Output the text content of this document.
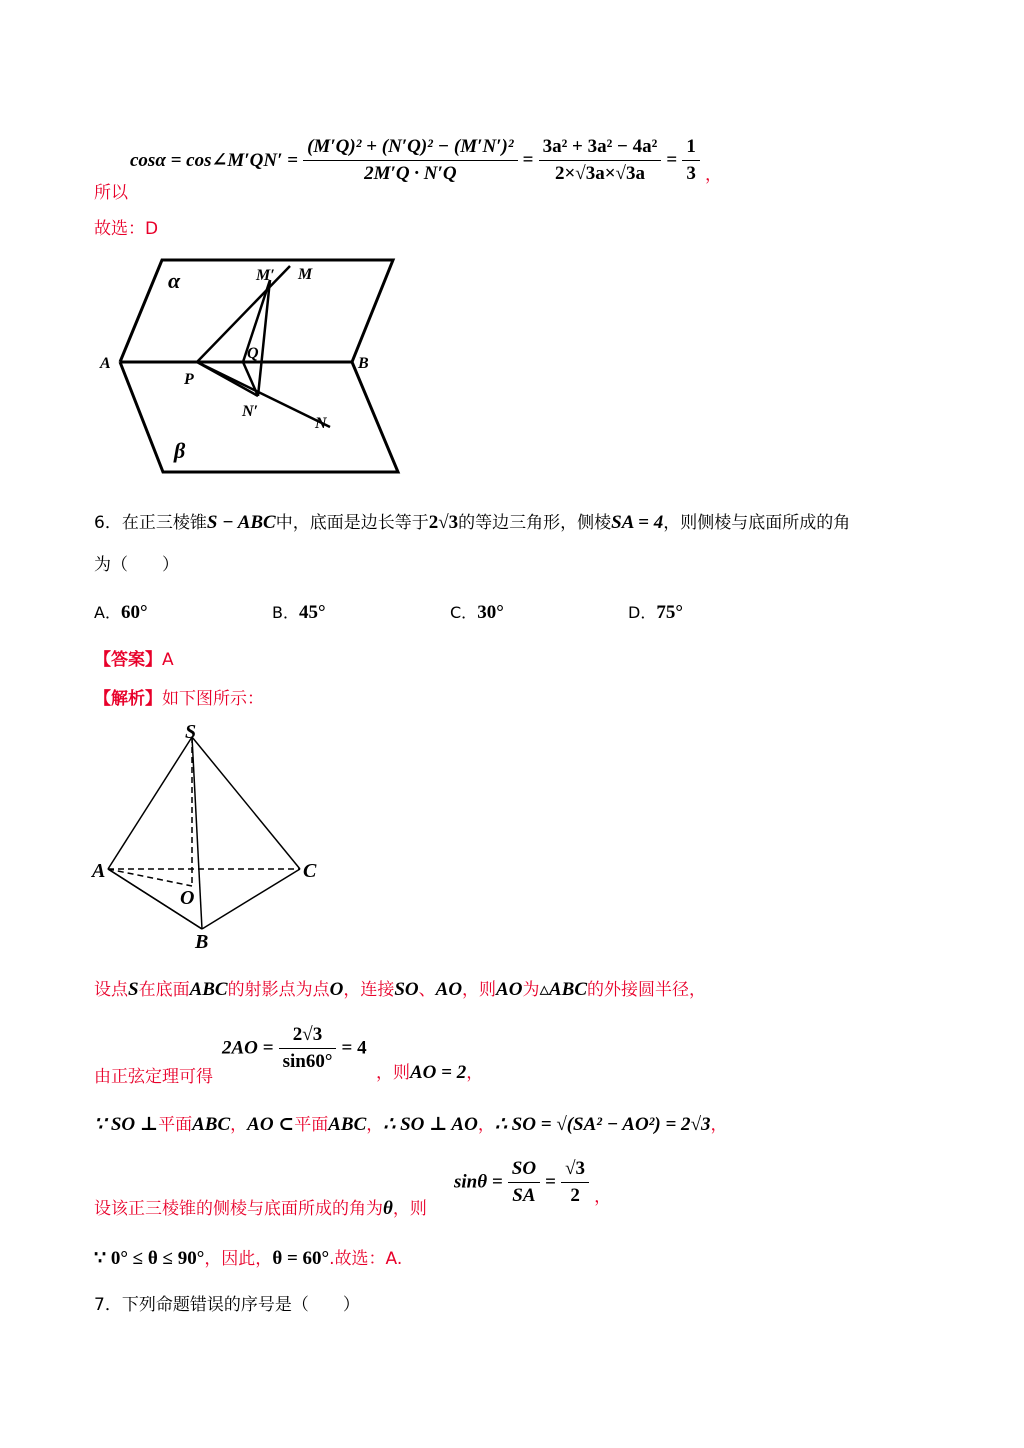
cosα = cos∠M′QN′ = $\frac{\text{(M′Q)² + (N′Q)² − (M′N′)²}}{2M'Q \cdot N'Q} = \frac{\text{3a² + 3a² − 4a²}}{2\times√3a\times√3a} = \frac{1}{3}$ ，
所以
故选：D
α
β
A	B
P
Q
M′ M
N′
N
6．在正三棱锥S − ABC中，底面是边长等于2√3的等边三角形，侧棱SA = 4，则侧棱与底面所成的角
为（　　）
A．60°	B．45°	C．30°	D．75°
【答案】A
【解析】如下图所示：
S
A	C
O
B
设点S在底面ABC的射影点为点O，连接SO、AO，则AO为▵ABC的外接圆半径，
由正弦定理可得
$2AO = \frac{2√3}{\sin 60^\circ} = 4$
，则AO = 2，
∵ SO ⊥平面ABC，AO ⊂平面ABC，∴ SO ⊥ AO，∴ SO = √(SA² − AO²) = 2√3，
设该正三棱锥的侧棱与底面所成的角为θ，则
$\sin\theta = \frac{SO}{SA} = \frac{√3}{2}$ ，
∵ 0° ≤ θ ≤ 90°，因此，θ = 60°.故选：A.
7．下列命题错误的序号是（　　）
